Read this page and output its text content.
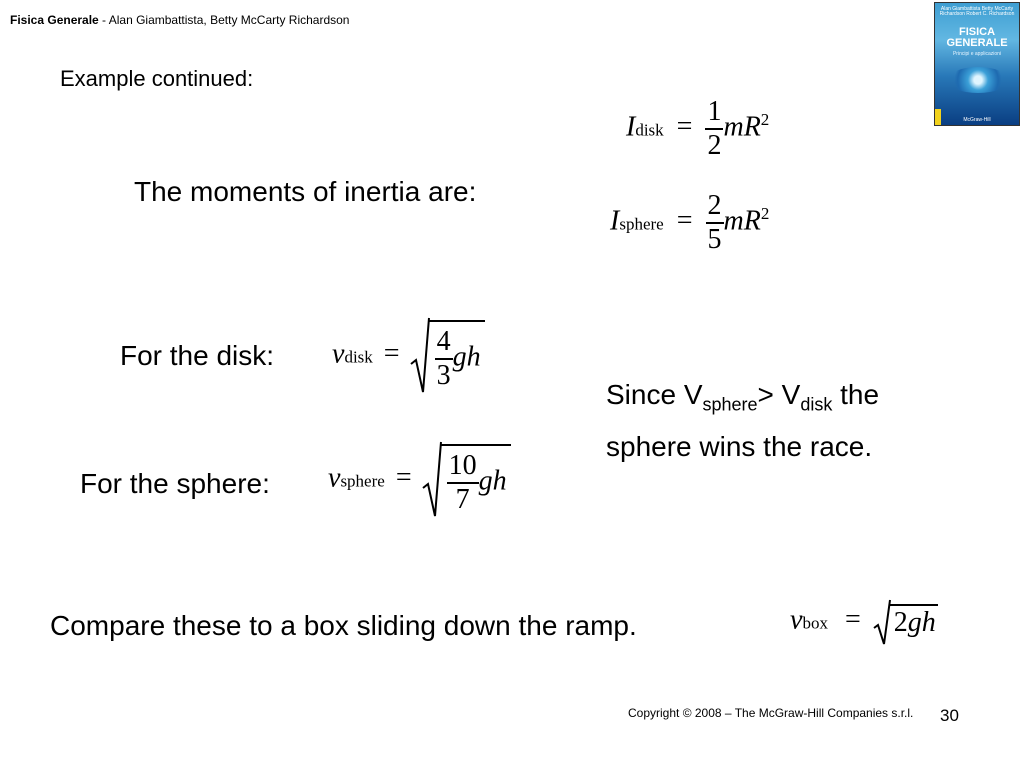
Fisica Generale - Alan Giambattista, Betty McCarty Richardson
Alan Giambattista Betty McCarty Richardson Robert C. Richardson
FISICA GENERALE
Principi e applicazioni
McGraw-Hill
Example continued:
The moments of inertia are:
Idisk = $\frac{1}{2} mR^2$
Isphere = $\frac{2}{5} mR^2$
For the disk: vdisk = $\frac{4}{3}$ gh
Since $V_{sphere}> V_{disk}$ the
sphere wins the race.
For the sphere: vsphere = $\frac{10}{7}$ gh
Compare these to a box sliding down the ramp.	vbox = 2gh
Copyright © 2008 – The McGraw-Hill Companies s.r.l. 30
